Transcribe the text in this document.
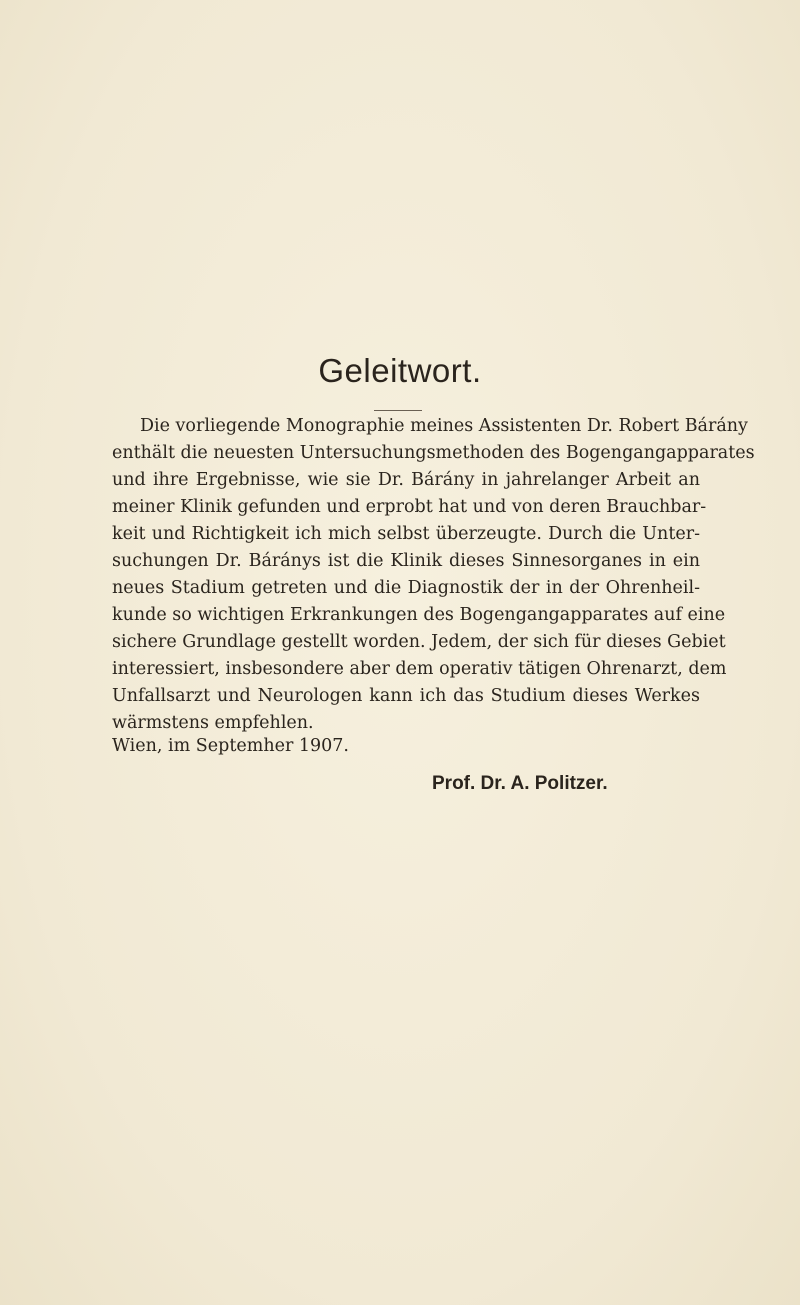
Geleitwort.
Die vorliegende Monographie meines Assistenten Dr. Robert Bárány
enthält die neuesten Untersuchungsmethoden des Bogengangapparates
und ihre Ergebnisse, wie sie Dr. Bárány in jahrelanger Arbeit an
meiner Klinik gefunden und erprobt hat und von deren Brauchbar-
keit und Richtigkeit ich mich selbst überzeugte. Durch die Unter-
suchungen Dr. Báránys ist die Klinik dieses Sinnesorganes in ein
neues Stadium getreten und die Diagnostik der in der Ohrenheil-
kunde so wichtigen Erkrankungen des Bogengangapparates auf eine
sichere Grundlage gestellt worden. Jedem, der sich für dieses Gebiet
interessiert, insbesondere aber dem operativ tätigen Ohrenarzt, dem
Unfallsarzt und Neurologen kann ich das Studium dieses Werkes
wärmstens empfehlen.
Wien, im Septemher 1907.
Prof. Dr. A. Politzer.
